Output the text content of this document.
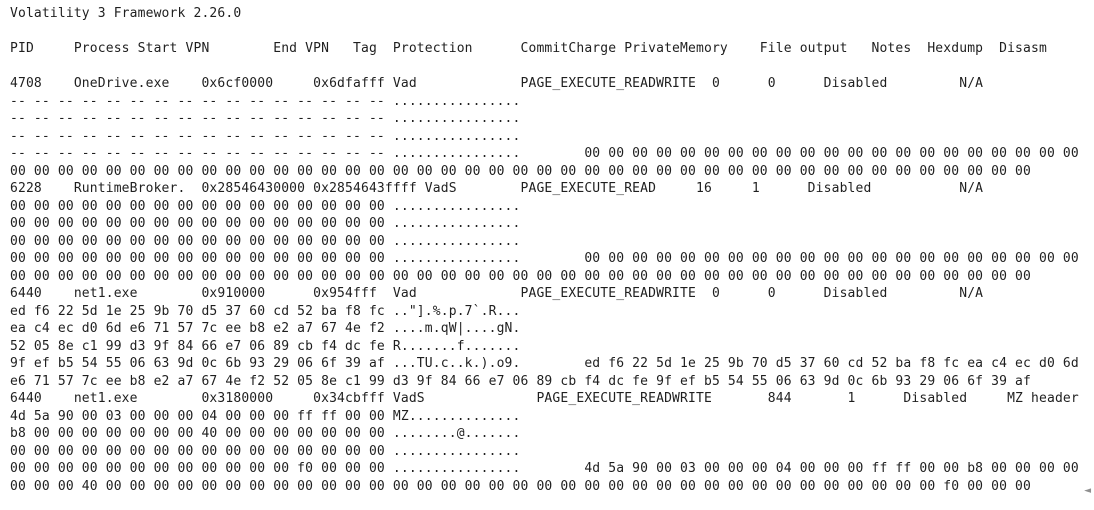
Volatility 3 Framework 2.26.0
PID     Process Start VPN        End VPN   Tag  Protection      CommitCharge PrivateMemory    File output   Notes  Hexdump  Disasm
4708    OneDrive.exe    0x6cf0000     0x6dfafff Vad             PAGE_EXECUTE_READWRITE  0      0      Disabled         N/A
-- -- -- -- -- -- -- -- -- -- -- -- -- -- -- -- ................
-- -- -- -- -- -- -- -- -- -- -- -- -- -- -- -- ................
-- -- -- -- -- -- -- -- -- -- -- -- -- -- -- -- ................
-- -- -- -- -- -- -- -- -- -- -- -- -- -- -- -- ................        00 00 00 00 00 00 00 00 00 00 00 00 00 00 00 00 00 00 00 00 00
00 00 00 00 00 00 00 00 00 00 00 00 00 00 00 00 00 00 00 00 00 00 00 00 00 00 00 00 00 00 00 00 00 00 00 00 00 00 00 00 00 00 00
6228    RuntimeBroker.  0x28546430000 0x2854643ffff VadS        PAGE_EXECUTE_READ     16     1      Disabled           N/A
00 00 00 00 00 00 00 00 00 00 00 00 00 00 00 00 ................
00 00 00 00 00 00 00 00 00 00 00 00 00 00 00 00 ................
00 00 00 00 00 00 00 00 00 00 00 00 00 00 00 00 ................
00 00 00 00 00 00 00 00 00 00 00 00 00 00 00 00 ................        00 00 00 00 00 00 00 00 00 00 00 00 00 00 00 00 00 00 00 00 00
00 00 00 00 00 00 00 00 00 00 00 00 00 00 00 00 00 00 00 00 00 00 00 00 00 00 00 00 00 00 00 00 00 00 00 00 00 00 00 00 00 00 00
6440    net1.exe        0x910000      0x954fff  Vad             PAGE_EXECUTE_READWRITE  0      0      Disabled         N/A
ed f6 22 5d 1e 25 9b 70 d5 37 60 cd 52 ba f8 fc .."].%.p.7`.R...
ea c4 ec d0 6d e6 71 57 7c ee b8 e2 a7 67 4e f2 ....m.qW|....gN.
52 05 8e c1 99 d3 9f 84 66 e7 06 89 cb f4 dc fe R.......f.......
9f ef b5 54 55 06 63 9d 0c 6b 93 29 06 6f 39 af ...TU.c..k.).o9.        ed f6 22 5d 1e 25 9b 70 d5 37 60 cd 52 ba f8 fc ea c4 ec d0 6d
e6 71 57 7c ee b8 e2 a7 67 4e f2 52 05 8e c1 99 d3 9f 84 66 e7 06 89 cb f4 dc fe 9f ef b5 54 55 06 63 9d 0c 6b 93 29 06 6f 39 af
6440    net1.exe        0x3180000     0x34cbfff VadS              PAGE_EXECUTE_READWRITE       844       1      Disabled     MZ header
4d 5a 90 00 03 00 00 00 04 00 00 00 ff ff 00 00 MZ..............
b8 00 00 00 00 00 00 00 40 00 00 00 00 00 00 00 ........@.......
00 00 00 00 00 00 00 00 00 00 00 00 00 00 00 00 ................
00 00 00 00 00 00 00 00 00 00 00 00 f0 00 00 00 ................        4d 5a 90 00 03 00 00 00 04 00 00 00 ff ff 00 00 b8 00 00 00 00
00 00 00 40 00 00 00 00 00 00 00 00 00 00 00 00 00 00 00 00 00 00 00 00 00 00 00 00 00 00 00 00 00 00 00 00 00 00 00 f0 00 00 00	◄
